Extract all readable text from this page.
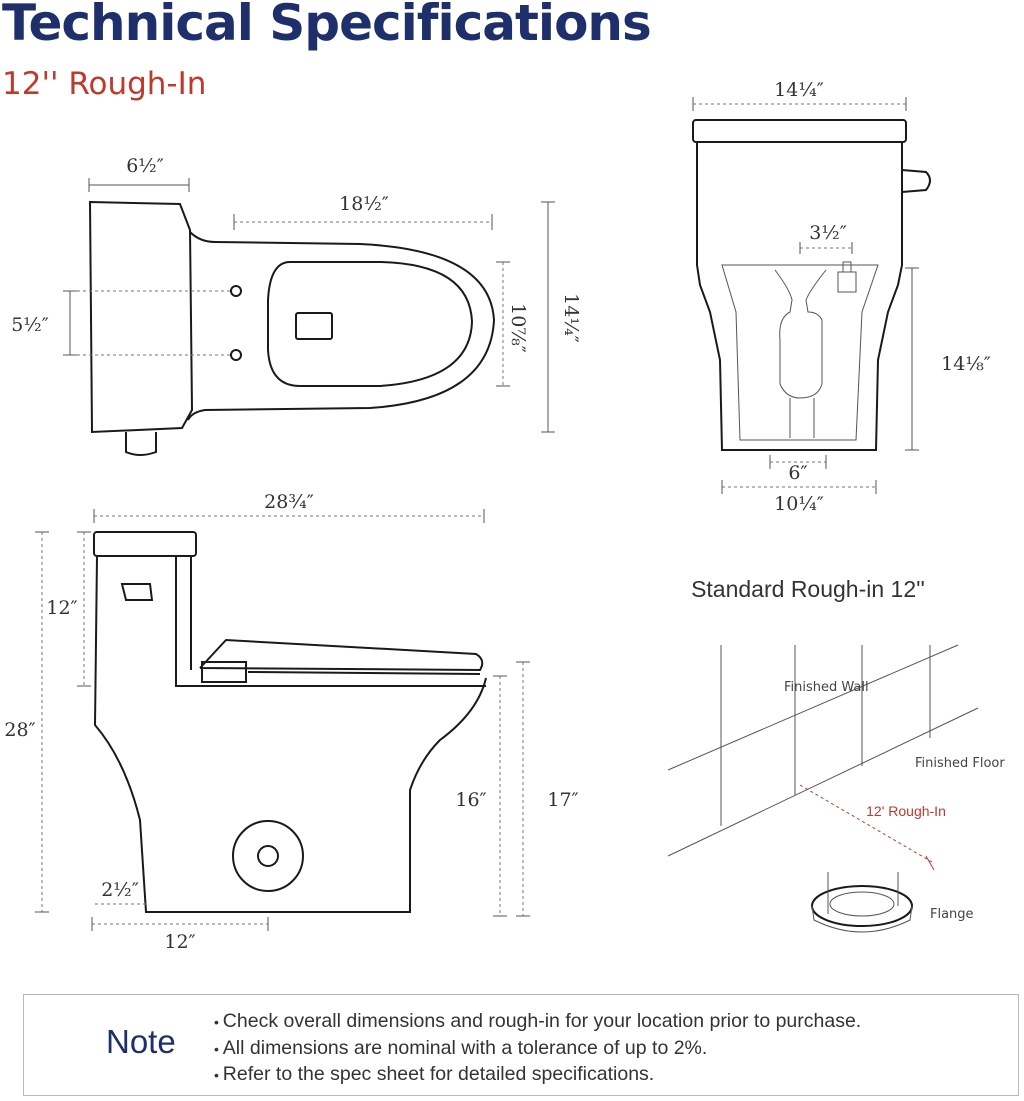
Technical Specifications
12'' Rough-In
6½″
18½″
5½″	10⅞″ 14¼″
14¼″
3½″
14⅛″
6″
10¼″
28¾″
12″
28″
16″	17″
2½″
12″
Standard Rough-in 12''
Finished Wall
Finished Floor
12' Rough-In
Flange
Note
• Check overall dimensions and rough-in for your location prior to purchase.
• All dimensions are nominal with a tolerance of up to 2%.
• Refer to the spec sheet for detailed specifications.
